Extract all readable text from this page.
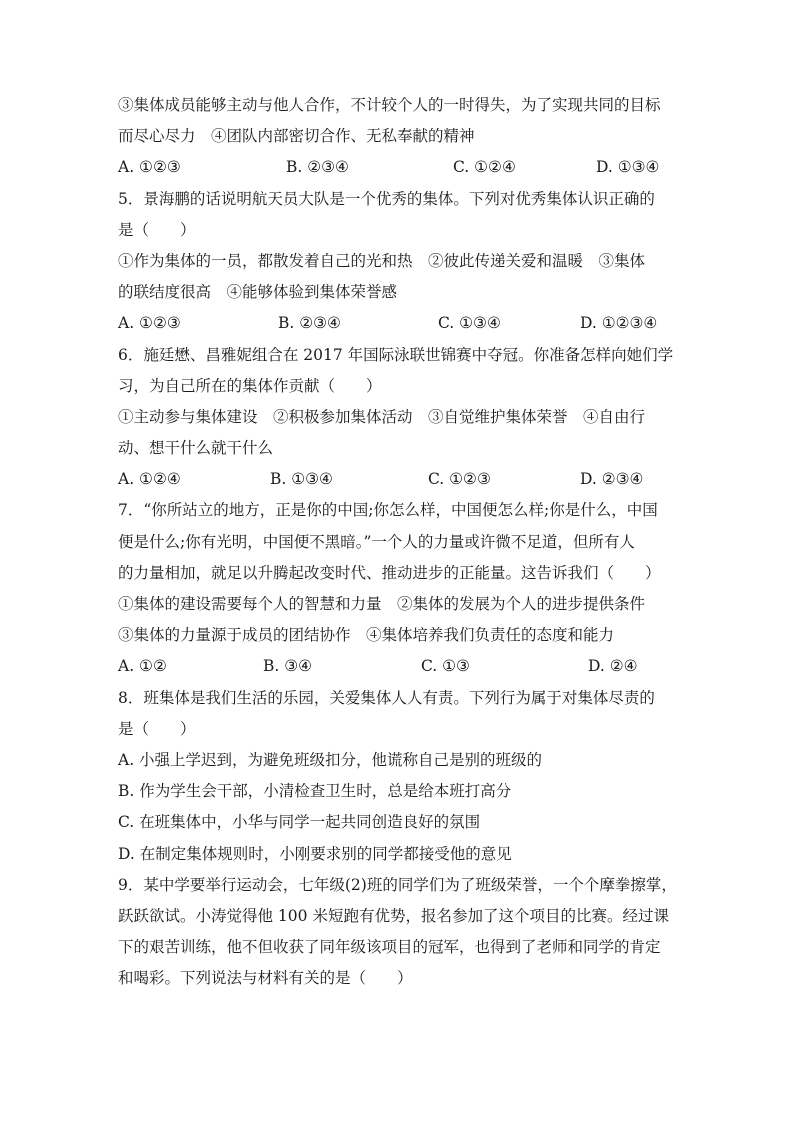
③集体成员能够主动与他人合作，不计较个人的一时得失，为了实现共同的目标
而尽心尽力　④团队内部密切合作、无私奉献的精神
A. ①②③	B. ②③④	C. ①②④	D. ①③④
5．景海鹏的话说明航天员大队是一个优秀的集体。下列对优秀集体认识正确的
是（　　）
①作为集体的一员，都散发着自己的光和热　②彼此传递关爱和温暖　③集体
的联结度很高　④能够体验到集体荣誉感
A. ①②③	B. ②③④	C. ①③④	D. ①②③④
6．施廷懋、昌雅妮组合在 2017 年国际泳联世锦赛中夺冠。你准备怎样向她们学
习，为自己所在的集体作贡献（　　）
①主动参与集体建设　②积极参加集体活动　③自觉维护集体荣誉　④自由行
动、想干什么就干什么
A. ①②④	B. ①③④	C. ①②③	D. ②③④
7．“你所站立的地方，正是你的中国;你怎么样，中国便怎么样;你是什么，中国
便是什么;你有光明，中国便不黑暗。”一个人的力量或许微不足道，但所有人
的力量相加，就足以升腾起改变时代、推动进步的正能量。这告诉我们（　　）
①集体的建设需要每个人的智慧和力量　②集体的发展为个人的进步提供条件
③集体的力量源于成员的团结协作　④集体培养我们负责任的态度和能力
A. ①②	B. ③④	C. ①③	D. ②④
8．班集体是我们生活的乐园，关爱集体人人有责。下列行为属于对集体尽责的
是（　　）
A. 小强上学迟到，为避免班级扣分，他谎称自己是别的班级的
B. 作为学生会干部，小清检查卫生时，总是给本班打高分
C. 在班集体中，小华与同学一起共同创造良好的氛围
D. 在制定集体规则时，小刚要求别的同学都接受他的意见
9．某中学要举行运动会，七年级(2)班的同学们为了班级荣誉，一个个摩拳擦掌，
跃跃欲试。小涛觉得他 100 米短跑有优势，报名参加了这个项目的比赛。经过课
下的艰苦训练，他不但收获了同年级该项目的冠军，也得到了老师和同学的肯定
和喝彩。下列说法与材料有关的是（　　）
